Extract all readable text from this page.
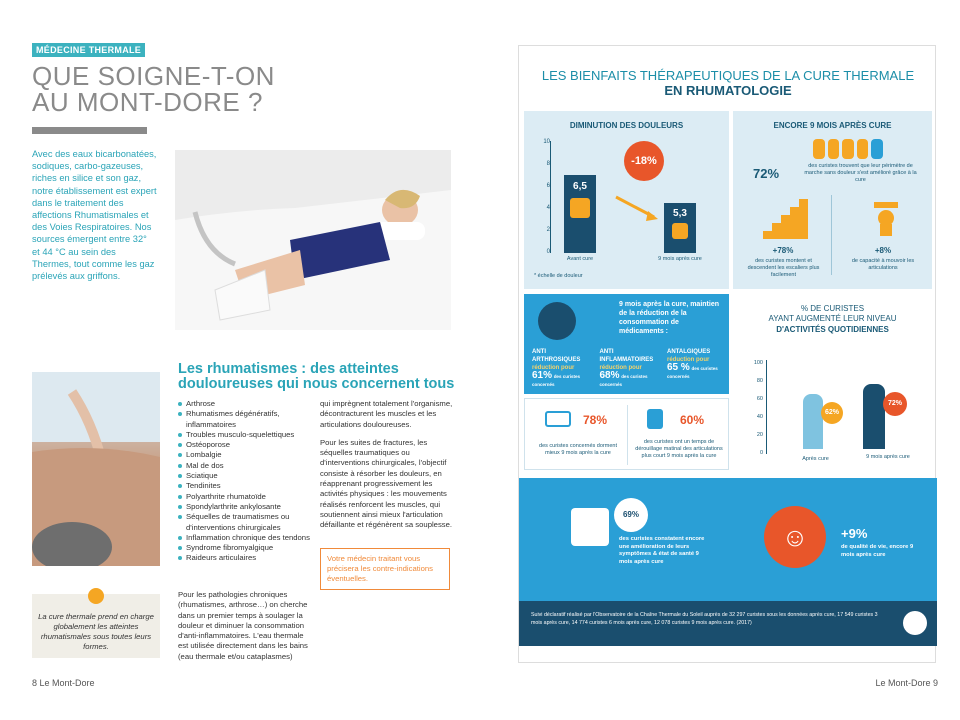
MÉDECINE THERMALE
QUE SOIGNE-T-ON
AU MONT-DORE ?
Avec des eaux bicarbonatées, sodiques, carbo-gazeuses, riches en silice et son gaz, notre établissement est expert dans le traitement des affections Rhumatismales et des Voies Respiratoires. Nos sources émergent entre 32° et 44 °C au sein des Thermes, tout comme les gaz prélevés aux griffons.
Les rhumatismes : des atteintes douloureuses qui nous concernent tous
Arthrose
Rhumatismes dégénératifs, inflammatoires
Troubles musculo-squelettiques
Ostéoporose
Lombalgie
Mal de dos
Sciatique
Tendinites
Polyarthrite rhumatoïde
Spondylarthrite ankylosante
Séquelles de traumatismes ou d'interventions chirurgicales
Inflammation chronique des tendons
Syndrome fibromyalgique
Raideurs articulaires
Pour les pathologies chroniques (rhumatismes, arthrose…) on cherche dans un premier temps à soulager la douleur et diminuer la consommation d'anti-inflammatoires. L'eau thermale est utilisée directement dans les bains (eau thermale et/ou cataplasmes)

qui imprègnent totalement l'organisme, décontracturent les muscles et les articulations douloureuses.

Pour les suites de fractures, les séquelles traumatiques ou d'interventions chirurgicales, l'objectif consiste à résorber les douleurs, en réapprenant progressivement les activités physiques : les mouvements réalisés renforcent les muscles, qui soutiennent ainsi mieux l'articulation défaillante et régénèrent sa souplesse.

Votre médecin traitant vous précisera les contre-indications éventuelles.
La cure thermale prend en charge globalement les atteintes rhumatismales sous toutes leurs formes.
8 Le Mont-Dore
LES BIENFAITS THÉRAPEUTIQUES DE LA CURE THERMALE
EN RHUMATOLOGIE
DIMINUTION DES DOULEURS
10
8
6
4
2
0
6,5
5,3
-18%
Avant cure	9 mois après cure
* échelle de douleur
ENCORE 9 MOIS APRÈS CURE
72%	des curistes trouvent que leur périmètre de marche sans douleur s'est amélioré grâce à la cure
+78%
des curistes montent et descendent les escaliers plus facilement
+8%
de capacité à mouvoir les articulations
9 mois après la cure, maintien de la réduction de la consommation de médicaments :
ANTI ARTHROSIQUES
réduction pour
61% des curistes concernés
ANTI INFLAMMATOIRES
réduction pour
68% des curistes concernés
ANTALGIQUES
réduction pour
65 % des curistes concernés
% DE CURISTES
AYANT AUGMENTÉ LEUR NIVEAU
D'ACTIVITÉS QUOTIDIENNES
100
80
60
40
20
0
62%
72%
Après cure	9 mois après cure
78%
des curistes concernés dorment mieux 9 mois après la cure
60%
des curistes ont un temps de dérouillage matinal des articulations plus court 9 mois après la cure
69%
des curistes constatent encore une amélioration de leurs symptômes & état de santé 9 mois après cure
☺	+9%
de qualité de vie, encore 9 mois après cure
Suivi déclaratif réalisé par l'Observatoire de la Chaîne Thermale du Soleil auprès de 32 297 curistes sous les données après cure, 17 549 curistes 3 mois après cure, 14 774 curistes 6 mois après cure, 12 078 curistes 9 mois après cure. (2017)
Le Mont-Dore 9
